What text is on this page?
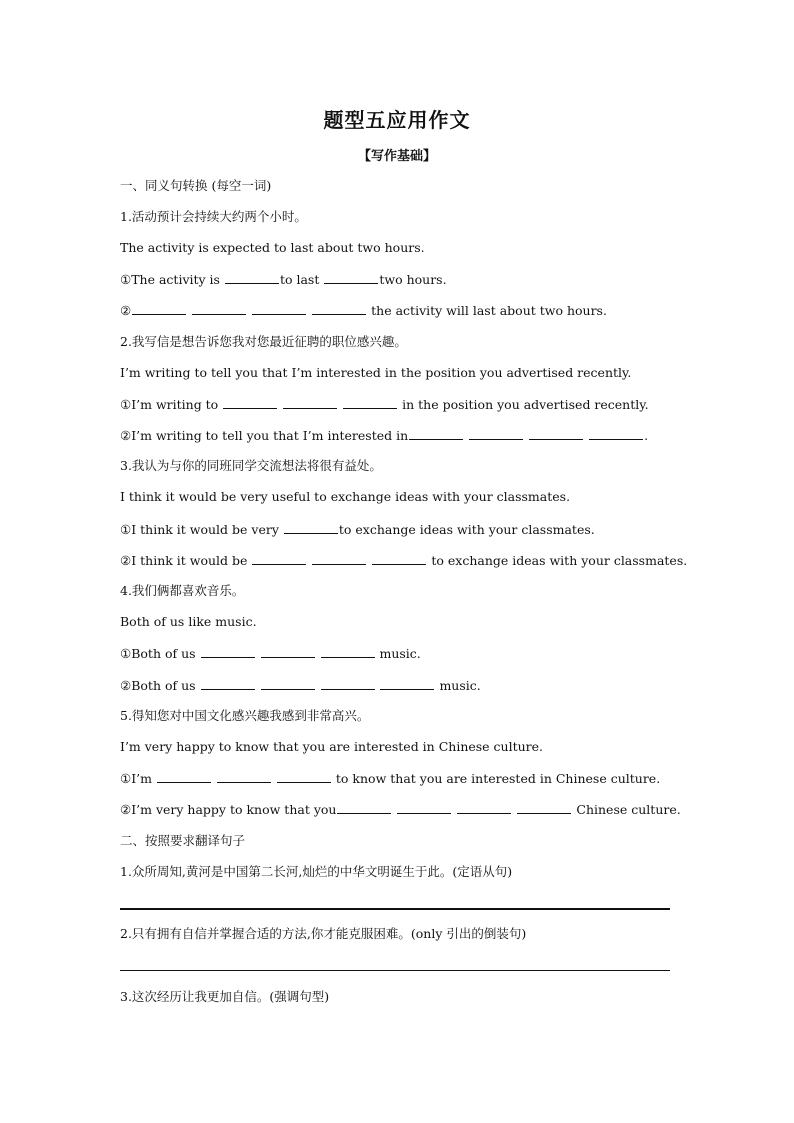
题型五应用作文
【写作基础】
一、同义句转换 (每空一词)
1.活动预计会持续大约两个小时。
The activity is expected to last about two hours.
①The activity is	to last	two hours.
②	the activity will last about two hours.
2.我写信是想告诉您我对您最近征聘的职位感兴趣。
I’m writing to tell you that I’m interested in the position you advertised recently.
①I’m writing to	in the position you advertised recently.
②I’m writing to tell you that I’m interested in	.
3.我认为与你的同班同学交流想法将很有益处。
I think it would be very useful to exchange ideas with your classmates.
①I think it would be very	to exchange ideas with your classmates.
②I think it would be	to exchange ideas with your classmates.
4.我们俩都喜欢音乐。
Both of us like music.
①Both of us	music.
②Both of us	music.
5.得知您对中国文化感兴趣我感到非常高兴。
I’m very happy to know that you are interested in Chinese culture.
①I’m	to know that you are interested in Chinese culture.
②I’m very happy to know that you	Chinese culture.
二、按照要求翻译句子
1.众所周知,黄河是中国第二长河,灿烂的中华文明诞生于此。(定语从句)
2.只有拥有自信并掌握合适的方法,你才能克服困难。(only 引出的倒装句)
3.这次经历让我更加自信。(强调句型)
